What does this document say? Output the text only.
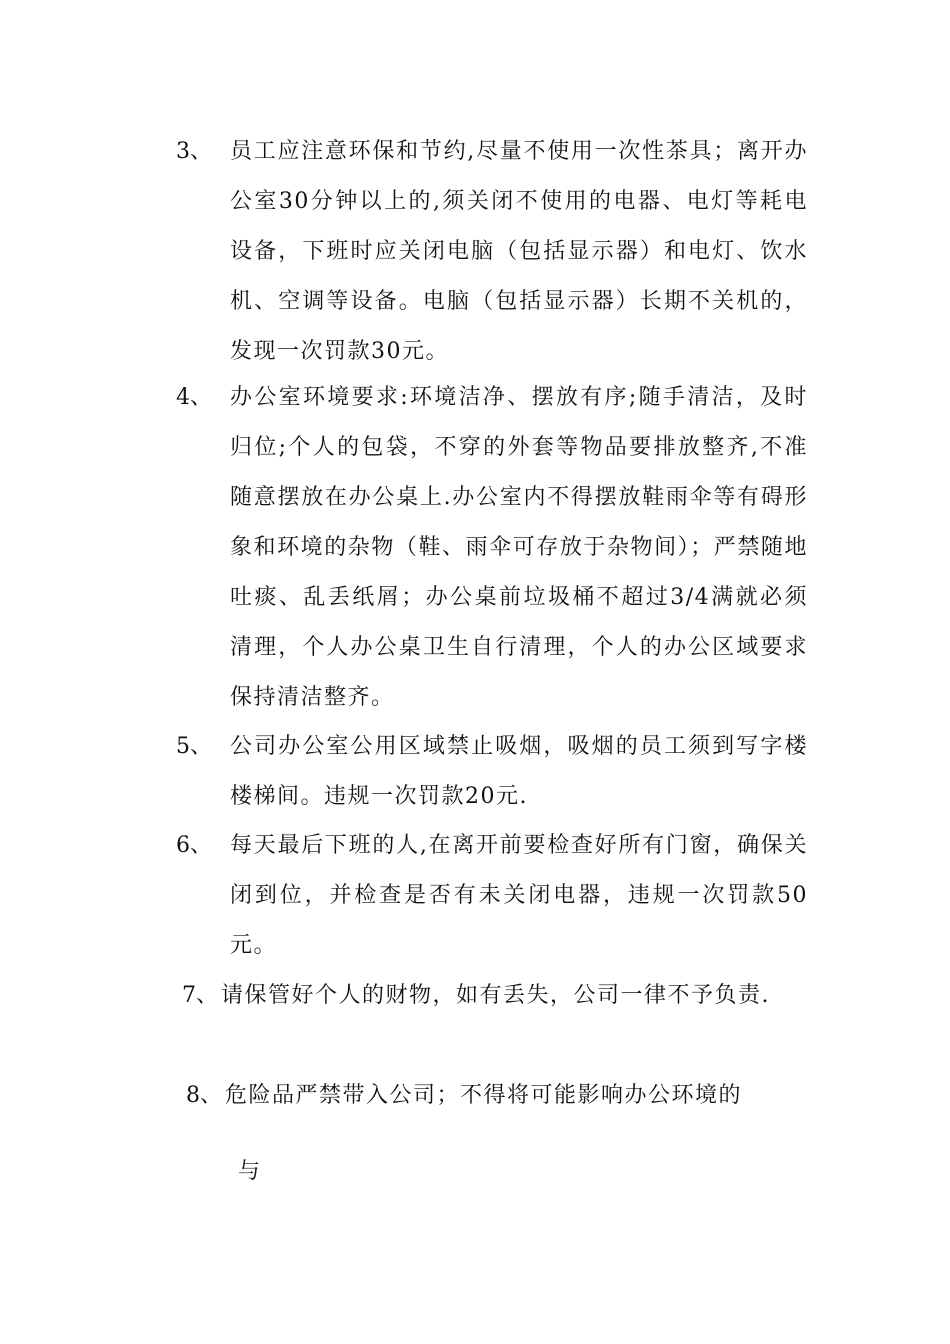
3、 员工应注意环保和节约,尽量不使用一次性茶具；离开办公室30分钟以上的,须关闭不使用的电器、电灯等耗电设备，下班时应关闭电脑（包括显示器）和电灯、饮水机、空调等设备。电脑（包括显示器）长期不关机的，发现一次罚款30元。
4、 办公室环境要求:环境洁净、摆放有序;随手清洁，及时归位;个人的包袋，不穿的外套等物品要排放整齐,不准随意摆放在办公桌上.办公室内不得摆放鞋雨伞等有碍形象和环境的杂物（鞋、雨伞可存放于杂物间）；严禁随地吐痰、乱丢纸屑；办公桌前垃圾桶不超过3/4满就必须清理，个人办公桌卫生自行清理，个人的办公区域要求保持清洁整齐。
5、 公司办公室公用区域禁止吸烟，吸烟的员工须到写字楼楼梯间。违规一次罚款20元.
6、 每天最后下班的人,在离开前要检查好所有门窗，确保关闭到位，并检查是否有未关闭电器，违规一次罚款50元。
7、 请保管好个人的财物，如有丢失，公司一律不予负责.
8、 危险品严禁带入公司；不得将可能影响办公环境的
与
